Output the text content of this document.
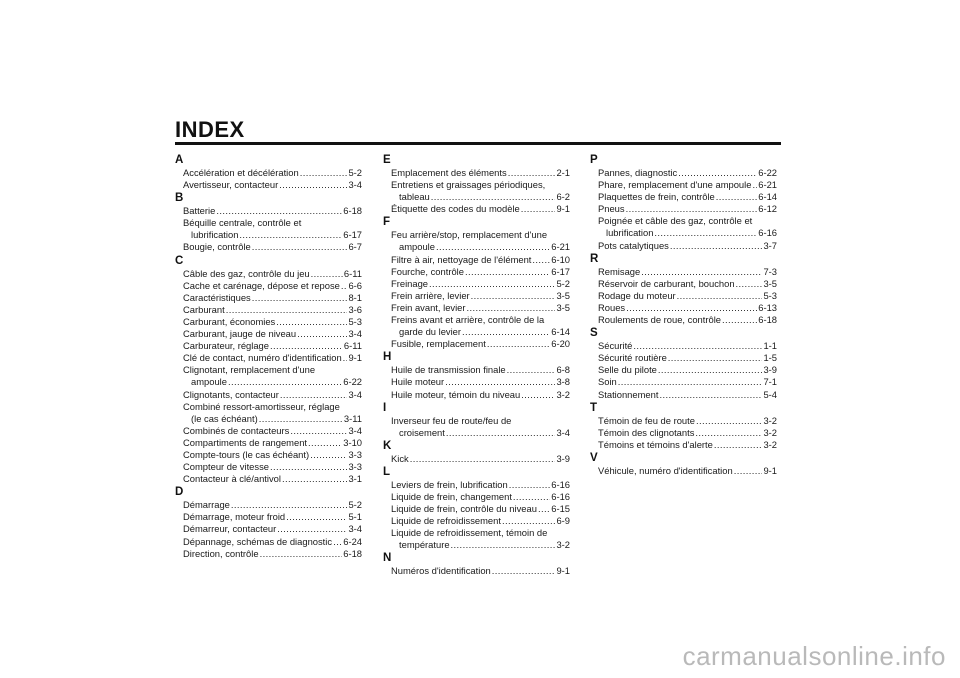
INDEX
A
Accélération et décélération .....	5-2
Avertisseur, contacteur .....	3-4
B
Batterie .....	6-18
Béquille centrale, contrôle et
lubrification .....	6-17
Bougie, contrôle .....	6-7
C
Câble des gaz, contrôle du jeu .....	6-11
Cache et carénage, dépose et repose ..... 6-6
Caractéristiques .....	8-1
Carburant .....	3-6
Carburant, économies .....	5-3
Carburant, jauge de niveau .....	3-4
Carburateur, réglage .....	6-11
Clé de contact, numéro d'identification ..... 9-1
Clignotant, remplacement d'une
ampoule .....	6-22
Clignotants, contacteur .....	3-4
Combiné ressort-amortisseur, réglage
(le cas échéant) .....	3-11
Combinés de contacteurs .....	3-4
Compartiments de rangement .....	3-10
Compte-tours (le cas échéant) .....	3-3
Compteur de vitesse .....	3-3
Contacteur à clé/antivol .....	3-1
D
Démarrage .....	5-2
Démarrage, moteur froid .....	5-1
Démarreur, contacteur .....	3-4
Dépannage, schémas de diagnostic ..... 6-24
Direction, contrôle .....	6-18
E
Emplacement des éléments .....	2-1
Entretiens et graissages périodiques,
tableau .....	6-2
Étiquette des codes du modèle .....	9-1
F
Feu arrière/stop, remplacement d'une
ampoule .....	6-21
Filtre à air, nettoyage de l'élément ..... 6-10
Fourche, contrôle .....	6-17
Freinage .....	5-2
Frein arrière, levier .....	3-5
Frein avant, levier .....	3-5
Freins avant et arrière, contrôle de la
garde du levier .....	6-14
Fusible, remplacement .....	6-20
H
Huile de transmission finale .....	6-8
Huile moteur .....	3-8
Huile moteur, témoin du niveau .....	3-2
I
Inverseur feu de route/feu de
croisement .....	3-4
K
Kick .....	3-9
L
Leviers de frein, lubrification .....	6-16
Liquide de frein, changement .....	6-16
Liquide de frein, contrôle du niveau ..... 6-15
Liquide de refroidissement .....	6-9
Liquide de refroidissement, témoin de
température .....	3-2
N
Numéros d'identification .....	9-1
P
Pannes, diagnostic .....	6-22
Phare, remplacement d'une ampoule ..... 6-21
Plaquettes de frein, contrôle .....	6-14
Pneus .....	6-12
Poignée et câble des gaz, contrôle et
lubrification .....	6-16
Pots catalytiques .....	3-7
R
Remisage .....	7-3
Réservoir de carburant, bouchon .....	3-5
Rodage du moteur .....	5-3
Roues .....	6-13
Roulements de roue, contrôle .....	6-18
S
Sécurité .....	1-1
Sécurité routière .....	1-5
Selle du pilote .....	3-9
Soin .....	7-1
Stationnement .....	5-4
T
Témoin de feu de route .....	3-2
Témoin des clignotants .....	3-2
Témoins et témoins d'alerte .....	3-2
V
Véhicule, numéro d'identification .....	9-1
carmanualsonline.info
